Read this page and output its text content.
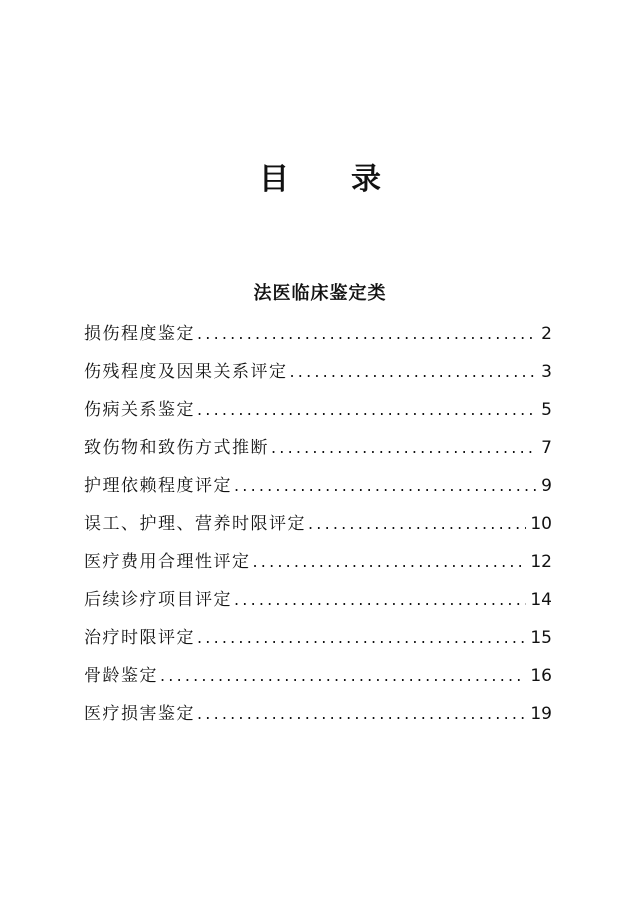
目 录
法医临床鉴定类
损伤程度鉴定 .....	2
伤残程度及因果关系评定 .....	3
伤病关系鉴定 .....	5
致伤物和致伤方式推断 .....	7
护理依赖程度评定 .....	9
误工、护理、营养时限评定 .....	10
医疗费用合理性评定 .....	12
后续诊疗项目评定 .....	14
治疗时限评定 .....	15
骨龄鉴定 .....	16
医疗损害鉴定 .....	19
